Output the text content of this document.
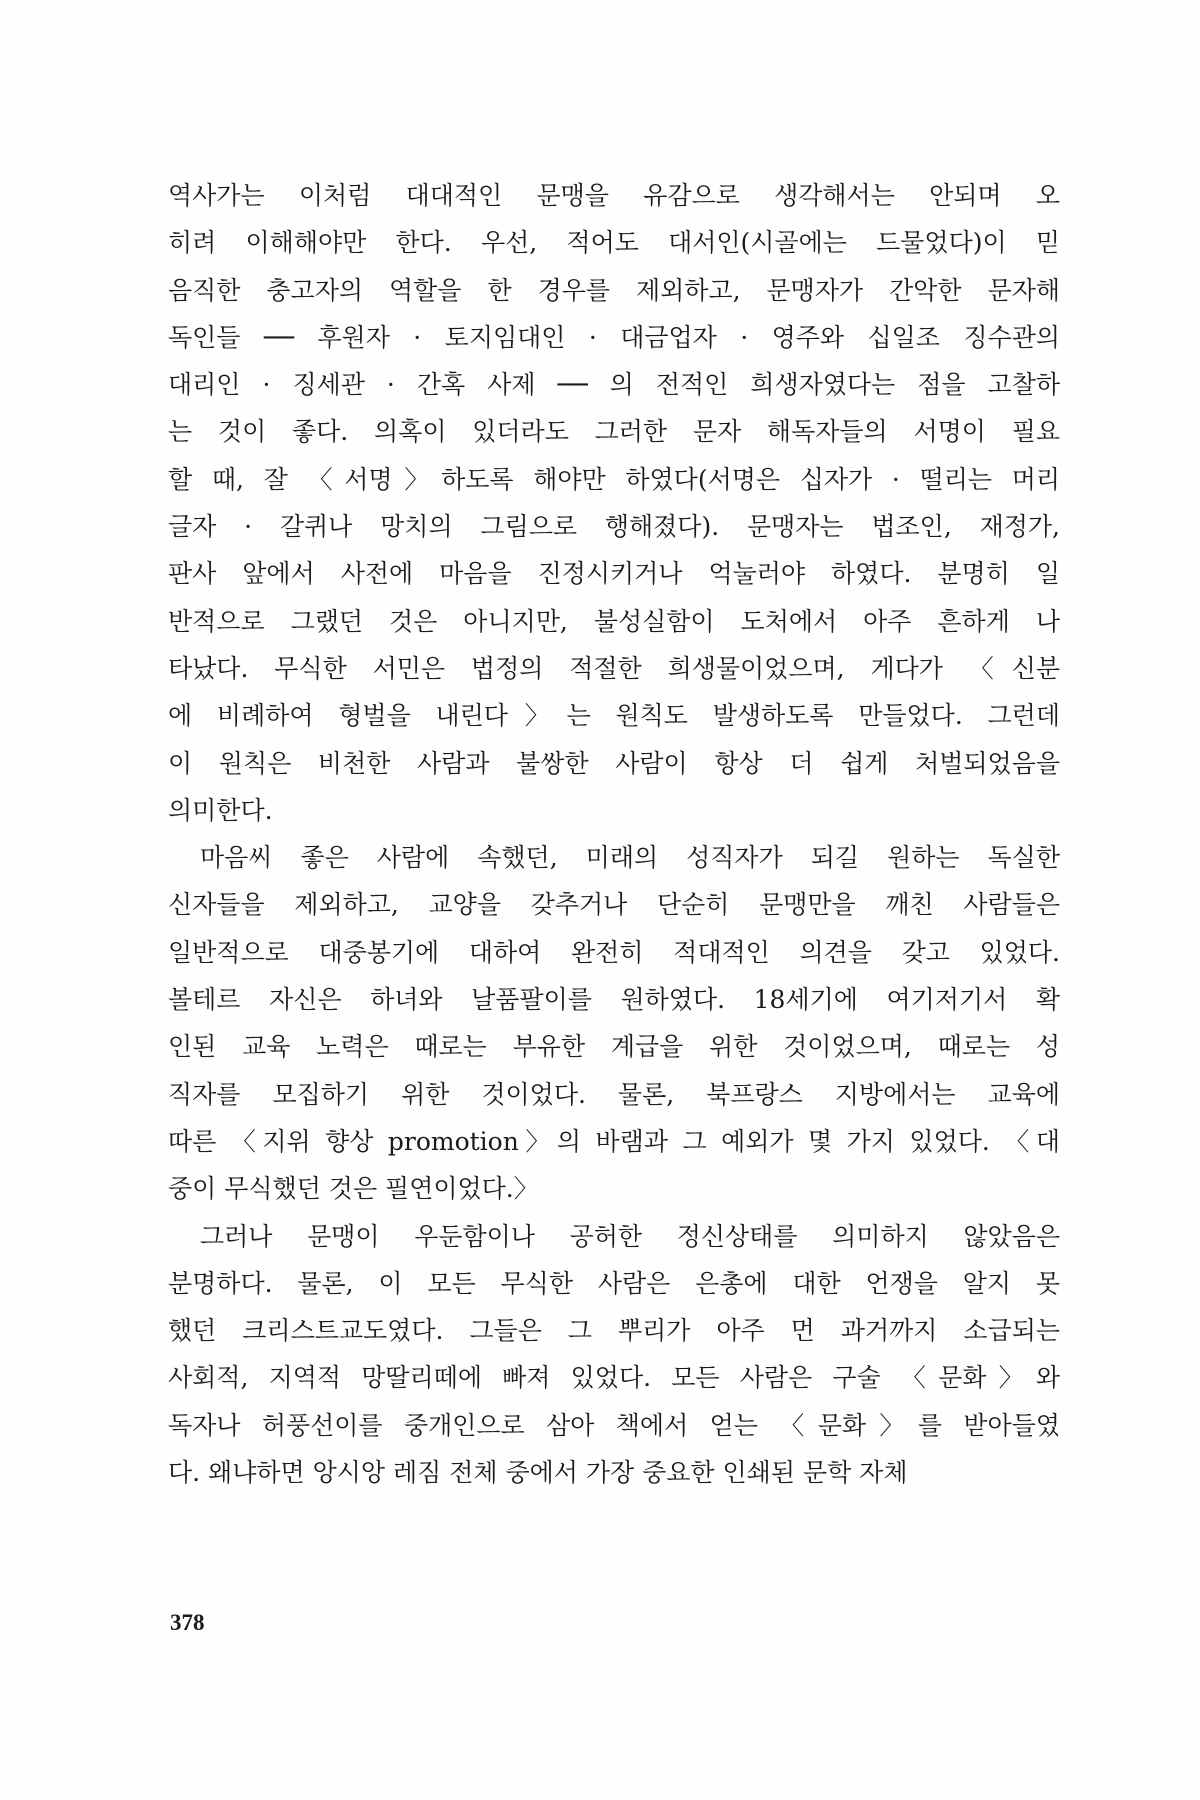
역사가는 이처럼 대대적인 문맹을 유감으로 생각해서는 안되며 오
히려 이해해야만 한다. 우선, 적어도 대서인(시골에는 드물었다)이 믿
음직한 충고자의 역할을 한 경우를 제외하고, 문맹자가 간악한 문자해
독인들 ── 후원자 · 토지임대인 · 대금업자 · 영주와 십일조 징수관의
대리인 · 징세관 · 간혹 사제 ── 의 전적인 희생자였다는 점을 고찰하
는 것이 좋다. 의혹이 있더라도 그러한 문자 해독자들의 서명이 필요
할 때, 잘 〈서명〉하도록 해야만 하였다(서명은 십자가 · 떨리는 머리
글자 · 갈퀴나 망치의 그림으로 행해졌다). 문맹자는 법조인, 재정가,
판사 앞에서 사전에 마음을 진정시키거나 억눌러야 하였다. 분명히 일
반적으로 그랬던 것은 아니지만, 불성실함이 도처에서 아주 흔하게 나
타났다. 무식한 서민은 법정의 적절한 희생물이었으며, 게다가 〈신분
에 비례하여 형벌을 내린다〉는 원칙도 발생하도록 만들었다. 그런데
이 원칙은 비천한 사람과 불쌍한 사람이 항상 더 쉽게 처벌되었음을
의미한다.
마음씨 좋은 사람에 속했던, 미래의 성직자가 되길 원하는 독실한
신자들을 제외하고, 교양을 갖추거나 단순히 문맹만을 깨친 사람들은
일반적으로 대중봉기에 대하여 완전히 적대적인 의견을 갖고 있었다.
볼테르 자신은 하녀와 날품팔이를 원하였다. 18세기에 여기저기서 확
인된 교육 노력은 때로는 부유한 계급을 위한 것이었으며, 때로는 성
직자를 모집하기 위한 것이었다. 물론, 북프랑스 지방에서는 교육에
따른 〈지위 향상 promotion〉의 바램과 그 예외가 몇 가지 있었다. 〈대
중이 무식했던 것은 필연이었다.〉
그러나 문맹이 우둔함이나 공허한 정신상태를 의미하지 않았음은
분명하다. 물론, 이 모든 무식한 사람은 은총에 대한 언쟁을 알지 못
했던 크리스트교도였다. 그들은 그 뿌리가 아주 먼 과거까지 소급되는
사회적, 지역적 망딸리떼에 빠져 있었다. 모든 사람은 구술 〈문화〉와
독자나 허풍선이를 중개인으로 삼아 책에서 얻는 〈문화〉를 받아들였
다. 왜냐하면 앙시앙 레짐 전체 중에서 가장 중요한 인쇄된 문학 자체
378
